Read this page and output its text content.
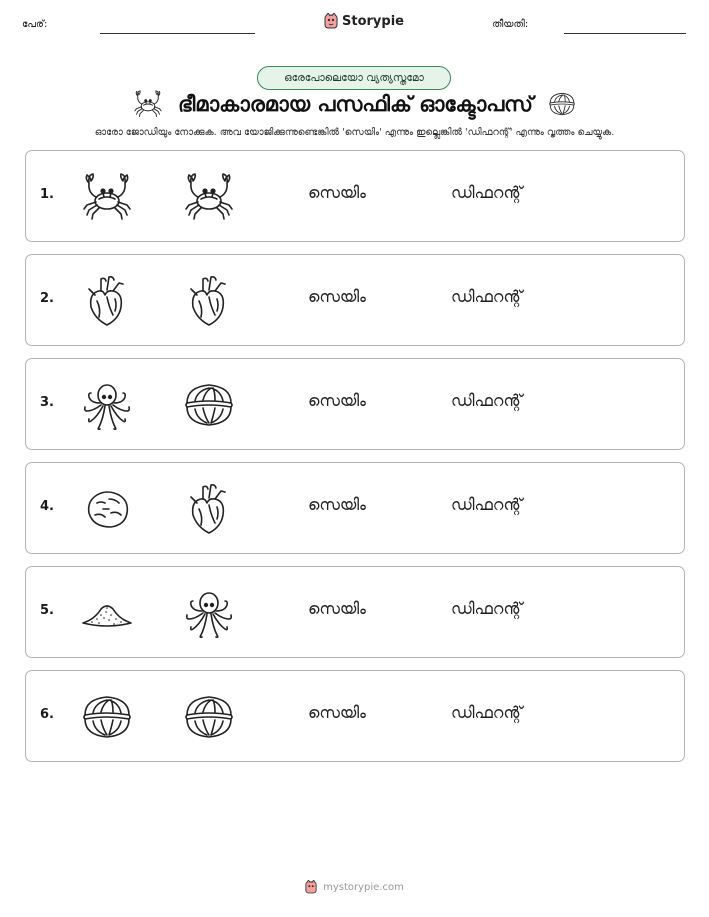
പേര്:	Storypie	തീയതി:
ഒരേപോലെയോ വ്യത്യസ്തമോ
ഭീമാകാരമായ പസഫിക് ഓക്ടോപസ്
ഓരോ ജോഡിയും നോക്കുക. അവ യോജിക്കുന്നുണ്ടെങ്കിൽ 'സെയിം' എന്നും ഇല്ലെങ്കിൽ 'ഡിഫറന്റ്' എന്നും വൃത്തം ചെയ്യുക.
1.	സെയിം	ഡിഫറന്റ്
2.	സെയിം	ഡിഫറന്റ്
3.	സെയിം	ഡിഫറന്റ്
4.	സെയിം	ഡിഫറന്റ്
5.	സെയിം	ഡിഫറന്റ്
6.	സെയിം	ഡിഫറന്റ്
mystorypie.com
